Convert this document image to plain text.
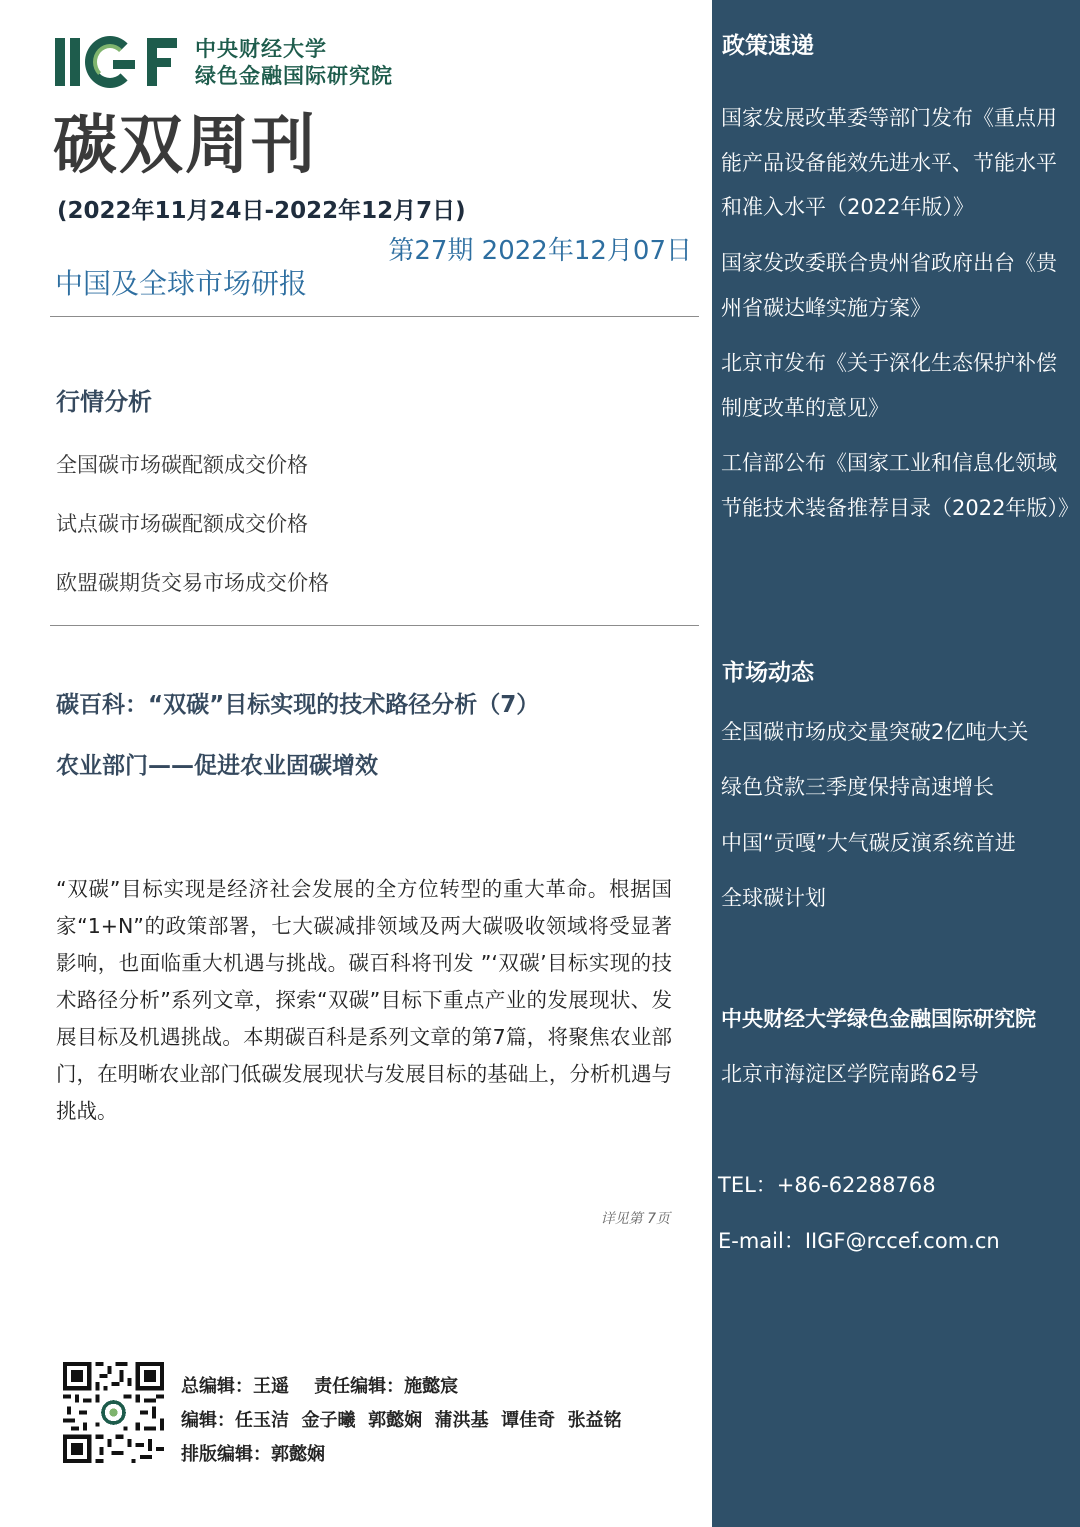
中央财经大学
绿色金融国际研究院
碳双周刊
(2022年11月24日-2022年12月7日)
第27期 2022年12月07日
中国及全球市场研报
行情分析
全国碳市场碳配额成交价格
试点碳市场碳配额成交价格
欧盟碳期货交易市场成交价格
碳百科：“双碳”目标实现的技术路径分析（7）
农业部门——促进农业固碳增效
“双碳”目标实现是经济社会发展的全方位转型的重大革命。根据国家“1+N”的政策部署，七大碳减排领域及两大碳吸收领域将受显著影响，也面临重大机遇与挑战。碳百科将刊发 ”‘双碳’目标实现的技术路径分析”系列文章，探索“双碳”目标下重点产业的发展现状、发展目标及机遇挑战。本期碳百科是系列文章的第7篇，将聚焦农业部门，在明晰农业部门低碳发展现状与发展目标的基础上，分析机遇与挑战。
详见第 7页
总编辑：王遥    责任编辑：施懿宸
编辑：任玉洁  金子曦  郭懿娴  蒲洪基  谭佳奇  张益铭
排版编辑：郭懿娴
政策速递
国家发展改革委等部门发布《重点用能产品设备能效先进水平、节能水平和准入水平（2022年版）》
国家发改委联合贵州省政府出台《贵州省碳达峰实施方案》
北京市发布《关于深化生态保护补偿制度改革的意见》
工信部公布《国家工业和信息化领域节能技术装备推荐目录（2022年版）》
市场动态
全国碳市场成交量突破2亿吨大关
绿色贷款三季度保持高速增长
中国“贡嘎”大气碳反演系统首进
全球碳计划
中央财经大学绿色金融国际研究院
北京市海淀区学院南路62号
TEL：+86-62288768
E-mail：IIGF@rccef.com.cn
